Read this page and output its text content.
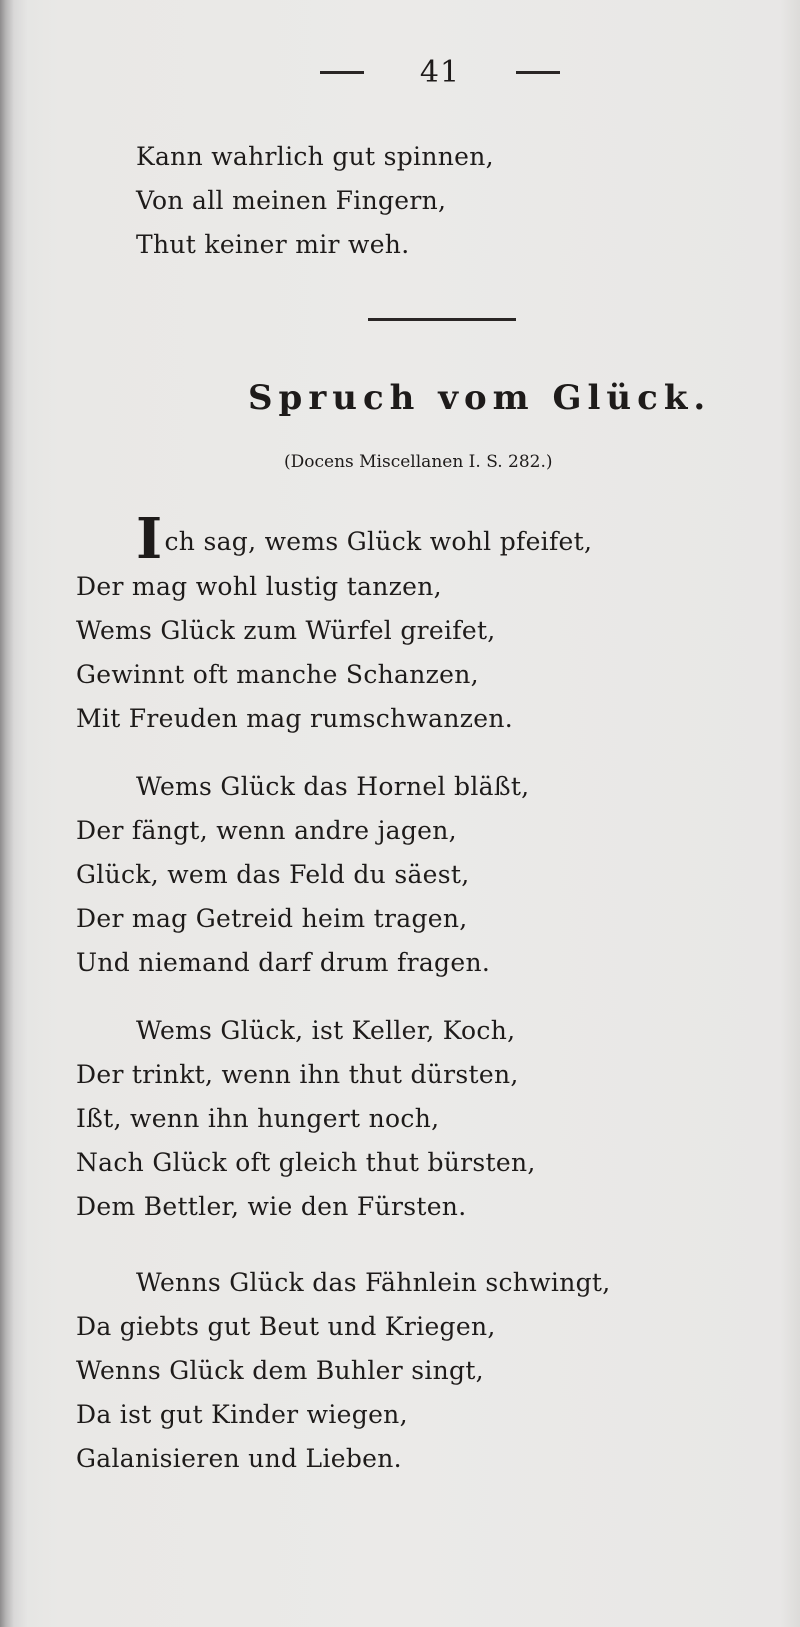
41
Kann wahrlich gut spinnen,
Von all meinen Fingern,
Thut keiner mir weh.
Spruch vom Glück.
(Docens Miscellanen I. S. 282.)
Ich sag, wems Glück wohl pfeifet,
Der mag wohl lustig tanzen,
Wems Glück zum Würfel greifet,
Gewinnt oft manche Schanzen,
Mit Freuden mag rumschwanzen.
Wems Glück das Hornel bläßt,
Der fängt, wenn andre jagen,
Glück, wem das Feld du säest,
Der mag Getreid heim tragen,
Und niemand darf drum fragen.
Wems Glück, ist Keller, Koch,
Der trinkt, wenn ihn thut dürsten,
Ißt, wenn ihn hungert noch,
Nach Glück oft gleich thut bürsten,
Dem Bettler, wie den Fürsten.
Wenns Glück das Fähnlein schwingt,
Da giebts gut Beut und Kriegen,
Wenns Glück dem Buhler singt,
Da ist gut Kinder wiegen,
Galanisieren und Lieben.
